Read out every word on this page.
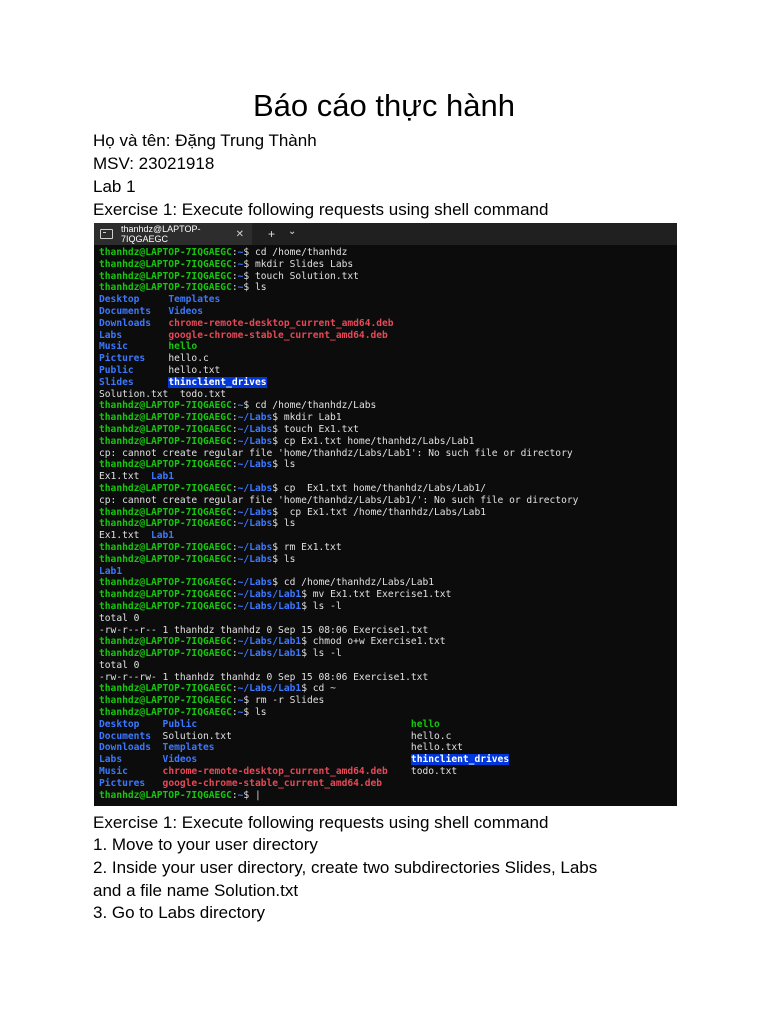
Báo cáo thực hành
Họ và tên: Đặng Trung Thành
MSV: 23021918
Lab 1
Exercise 1: Execute following requests using shell command
thanhdz@LAPTOP-7IQGAEGC	✕ + ⌄
thanhdz@LAPTOP-7IQGAEGC:~$ cd /home/thanhdz
thanhdz@LAPTOP-7IQGAEGC:~$ mkdir Slides Labs
thanhdz@LAPTOP-7IQGAEGC:~$ touch Solution.txt
thanhdz@LAPTOP-7IQGAEGC:~$ ls
Desktop     Templates
Documents   Videos
Downloads   chrome-remote-desktop_current_amd64.deb
Labs        google-chrome-stable_current_amd64.deb
Music       hello
Pictures    hello.c
Public      hello.txt
Slides      thinclient_drives
Solution.txt  todo.txt
thanhdz@LAPTOP-7IQGAEGC:~$ cd /home/thanhdz/Labs
thanhdz@LAPTOP-7IQGAEGC:~/Labs$ mkdir Lab1
thanhdz@LAPTOP-7IQGAEGC:~/Labs$ touch Ex1.txt
thanhdz@LAPTOP-7IQGAEGC:~/Labs$ cp Ex1.txt home/thanhdz/Labs/Lab1
cp: cannot create regular file 'home/thanhdz/Labs/Lab1': No such file or directory
thanhdz@LAPTOP-7IQGAEGC:~/Labs$ ls
Ex1.txt  Lab1
thanhdz@LAPTOP-7IQGAEGC:~/Labs$ cp  Ex1.txt home/thanhdz/Labs/Lab1/
cp: cannot create regular file 'home/thanhdz/Labs/Lab1/': No such file or directory
thanhdz@LAPTOP-7IQGAEGC:~/Labs$  cp Ex1.txt /home/thanhdz/Labs/Lab1
thanhdz@LAPTOP-7IQGAEGC:~/Labs$ ls
Ex1.txt  Lab1
thanhdz@LAPTOP-7IQGAEGC:~/Labs$ rm Ex1.txt
thanhdz@LAPTOP-7IQGAEGC:~/Labs$ ls
Lab1
thanhdz@LAPTOP-7IQGAEGC:~/Labs$ cd /home/thanhdz/Labs/Lab1
thanhdz@LAPTOP-7IQGAEGC:~/Labs/Lab1$ mv Ex1.txt Exercise1.txt
thanhdz@LAPTOP-7IQGAEGC:~/Labs/Lab1$ ls -l
total 0
-rw-r--r-- 1 thanhdz thanhdz 0 Sep 15 08:06 Exercise1.txt
thanhdz@LAPTOP-7IQGAEGC:~/Labs/Lab1$ chmod o+w Exercise1.txt
thanhdz@LAPTOP-7IQGAEGC:~/Labs/Lab1$ ls -l
total 0
-rw-r--rw- 1 thanhdz thanhdz 0 Sep 15 08:06 Exercise1.txt
thanhdz@LAPTOP-7IQGAEGC:~/Labs/Lab1$ cd ~
thanhdz@LAPTOP-7IQGAEGC:~$ rm -r Slides
thanhdz@LAPTOP-7IQGAEGC:~$ ls
Desktop    Public                                     hello
Documents  Solution.txt                               hello.c
Downloads  Templates                                  hello.txt
Labs       Videos                                     thinclient_drives
Music      chrome-remote-desktop_current_amd64.deb todo.txt
Pictures   google-chrome-stable_current_amd64.deb
thanhdz@LAPTOP-7IQGAEGC:~$ |
Exercise 1: Execute following requests using shell command
1. Move to your user directory
2. Inside your user directory, create two subdirectories Slides, Labs
and a file name Solution.txt
3. Go to Labs directory
